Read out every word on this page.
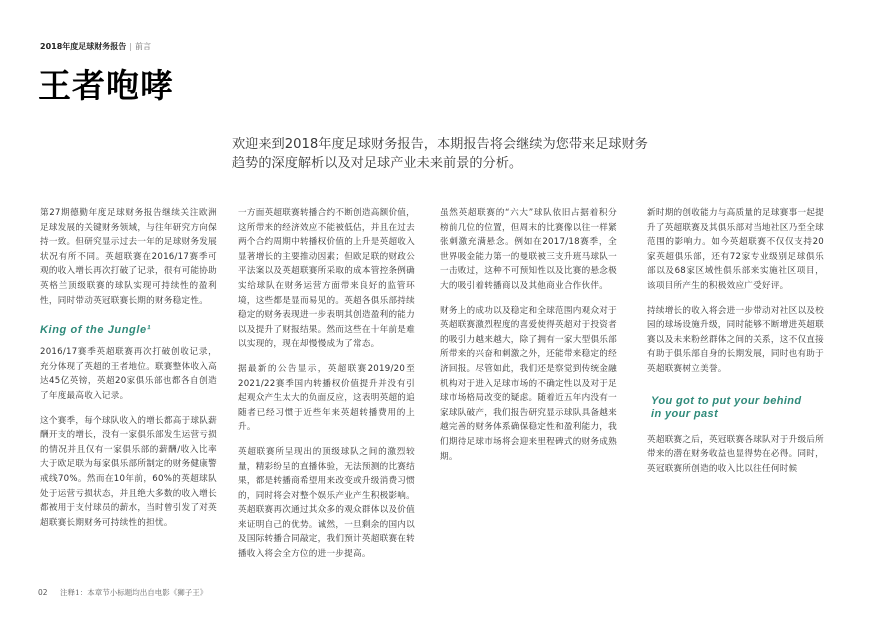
2018年度足球财务报告 | 前言
王者咆哮

欢迎来到2018年度足球财务报告，本期报告将会继续为您带来足球财务
趋势的深度解析以及对足球产业未来前景的分析。

第27期德勤年度足球财务报告继续关注欧洲足球发展的关键财务领域，与往年研究方向保持一致。但研究显示过去一年的足球财务发展状况有所不同。英超联赛在2016/17赛季可观的收入增长再次打破了记录，很有可能协助英格兰顶级联赛的球队实现可持续性的盈利性，同时带动英冠联赛长期的财务稳定性。

King of the Jungle¹

2016/17赛季英超联赛再次打破创收记录，充分体现了英超的王者地位。联赛整体收入高达45亿英镑，英超20家俱乐部也都各自创造了年度最高收入记录。

这个赛季，每个球队收入的增长都高于球队薪酬开支的增长，没有一家俱乐部发生运营亏损的情况并且仅有一家俱乐部的薪酬/收入比率大于欧足联为每家俱乐部所制定的财务健康警戒线70%。然而在10年前，60%的英超球队处于运营亏损状态，并且绝大多数的收入增长都被用于支付球员的薪水，当时曾引发了对英超联赛长期财务可持续性的担忧。

一方面英超联赛转播合约不断创造高额价值，这所带来的经济效应不能被低估，并且在过去两个合约周期中转播权价值的上升是英超收入显著增长的主要推动因素；但欧足联的财政公平法案以及英超联赛所采取的成本管控条例确实给球队在财务运营方面带来良好的监管环境，这些都是显而易见的。英超各俱乐部持续稳定的财务表现进一步表明其创造盈利的能力以及提升了财报结果。然而这些在十年前是难以实现的，现在却慢慢成为了常态。

据最新的公告显示，英超联赛2019/20至2021/22赛季国内转播权价值提升并没有引起观众产生太大的负面反应，这表明英超的追随者已经习惯于近些年来英超转播费用的上升。

英超联赛所呈现出的顶级球队之间的激烈较量，精彩纷呈的直播体验，无法预测的比赛结果，都是转播商希望用来改变或升级消费习惯的，同时将会对整个娱乐产业产生积极影响。英超联赛再次通过其众多的观众群体以及价值来证明自己的优势。诚然，一旦剩余的国内以及国际转播合同敲定，我们预计英超联赛在转播收入将会全方位的进一步提高。

虽然英超联赛的“六大”球队依旧占据着积分榜前几位的位置，但周末的比赛像以往一样紧张刺激充满悬念。例如在2017/18赛季，全世界吸金能力第一的曼联被三支升班马球队一一击败过，这种不可预知性以及比赛的悬念极大的吸引着转播商以及其他商业合作伙伴。

财务上的成功以及稳定和全球范围内观众对于英超联赛激烈程度的喜爱使得英超对于投资者的吸引力越来越大，除了拥有一家大型俱乐部所带来的兴奋和刺激之外，还能带来稳定的经济回报。尽管如此，我们还是察觉到传统金融机构对于进入足球市场的不确定性以及对于足球市场格局改变的疑虑。随着近五年内没有一家球队破产，我们报告研究显示球队具备越来越完善的财务体系确保稳定性和盈利能力，我们期待足球市场将会迎来里程碑式的财务成熟期。

新时期的创收能力与高质量的足球赛事一起提升了英超联赛及其俱乐部对当地社区乃至全球范围的影响力。如今英超联赛不仅仅支持20家英超俱乐部，还有72家专业级别足球俱乐部以及68家区域性俱乐部来实施社区项目，该项目所产生的积极效应广受好评。

持续增长的收入将会进一步带动对社区以及校园的球场设施升级，同时能够不断增进英超联赛以及未来粉丝群体之间的关系，这不仅直接有助于俱乐部自身的长期发展，同时也有助于英超联赛树立美誉。

You got to put your behind
in your past

英超联赛之后，英冠联赛各球队对于升级后所带来的潜在财务收益也显得势在必得。同时，英冠联赛所创造的收入比以往任何时候

02 注释1：本章节小标题均出自电影《狮子王》
